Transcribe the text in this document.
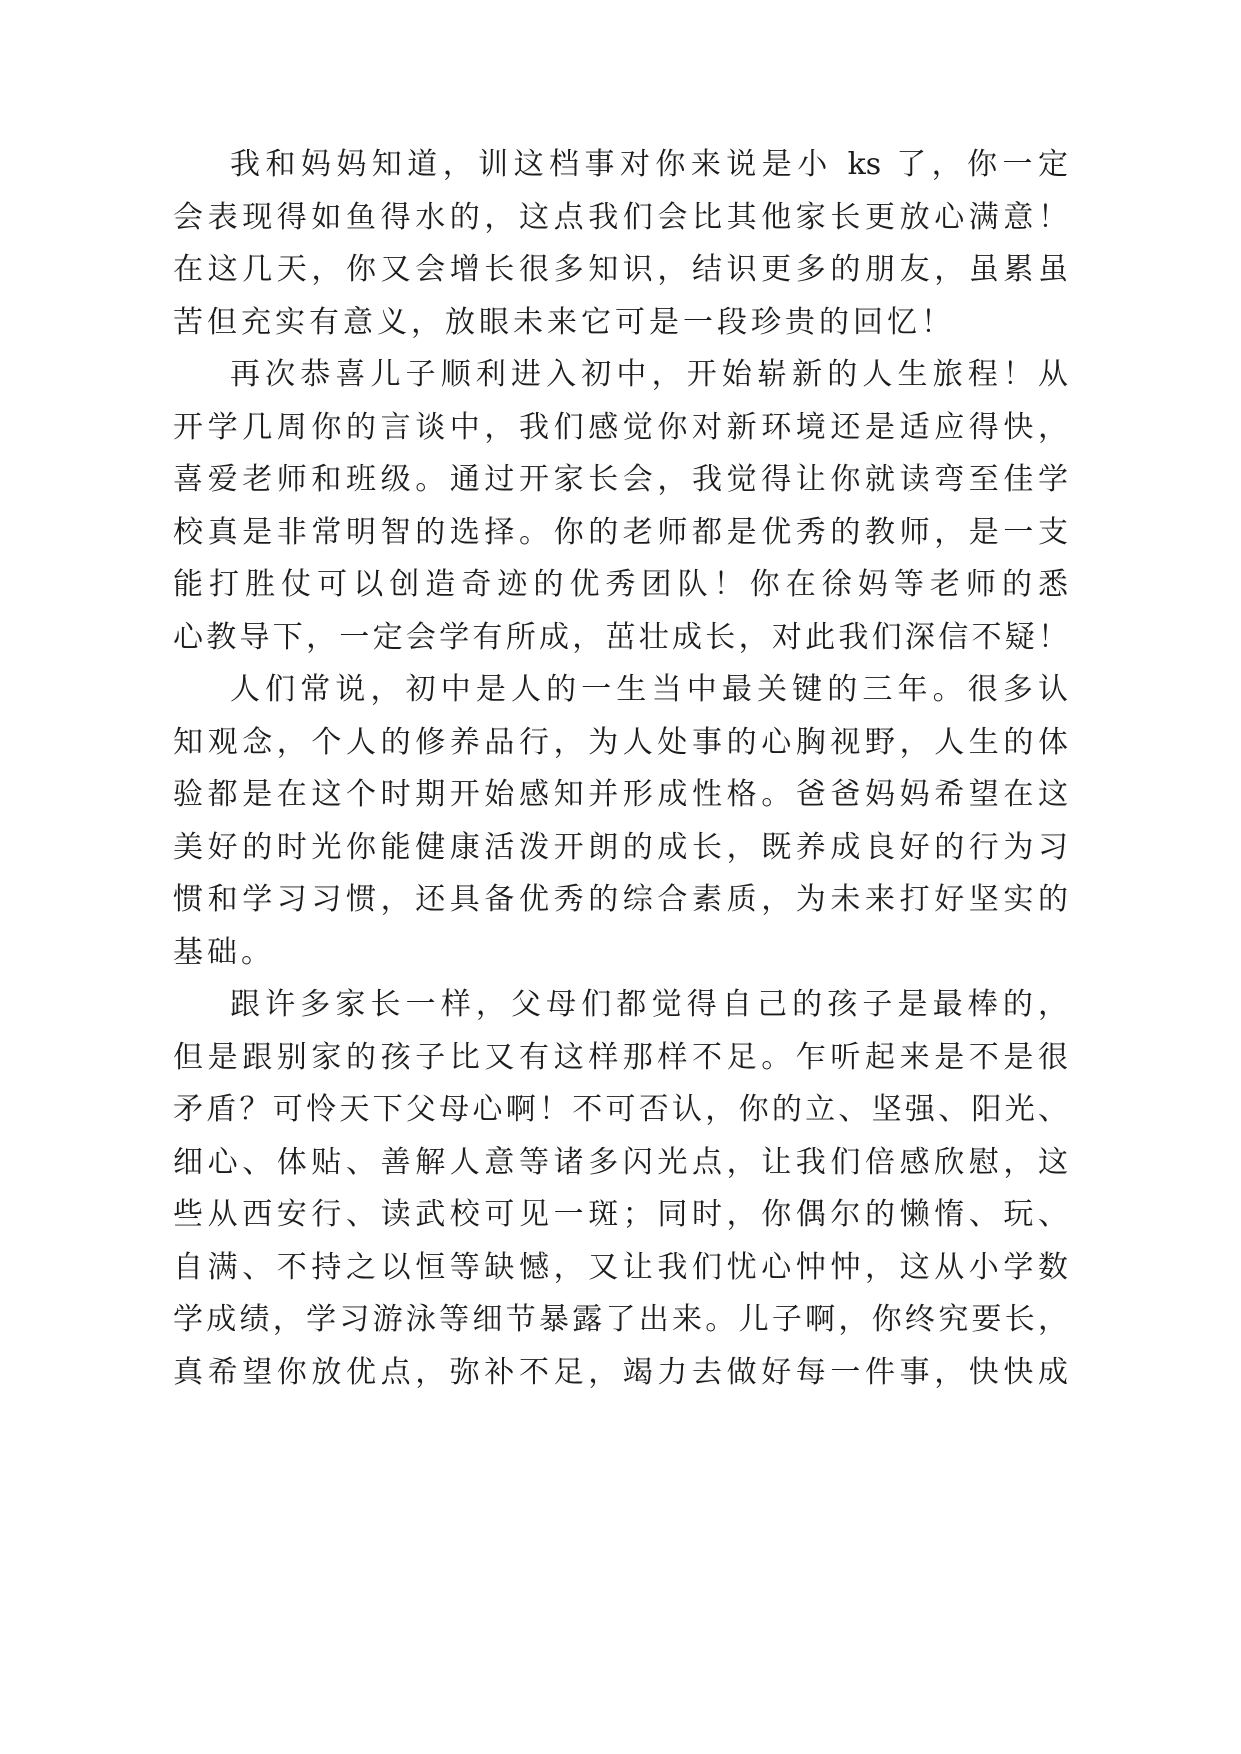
我和妈妈知道，训这档事对你来说是小 ks 了，你一定
会表现得如鱼得水的，这点我们会比其他家长更放心满意！
在这几天，你又会增长很多知识，结识更多的朋友，虽累虽
苦但充实有意义，放眼未来它可是一段珍贵的回忆！
再次恭喜儿子顺利进入初中，开始崭新的人生旅程！从
开学几周你的言谈中，我们感觉你对新环境还是适应得快，
喜爱老师和班级。通过开家长会，我觉得让你就读弯至佳学
校真是非常明智的选择。你的老师都是优秀的教师，是一支
能打胜仗可以创造奇迹的优秀团队！你在徐妈等老师的悉
心教导下，一定会学有所成，茁壮成长，对此我们深信不疑！
人们常说，初中是人的一生当中最关键的三年。很多认
知观念，个人的修养品行，为人处事的心胸视野，人生的体
验都是在这个时期开始感知并形成性格。爸爸妈妈希望在这
美好的时光你能健康活泼开朗的成长，既养成良好的行为习
惯和学习习惯，还具备优秀的综合素质，为未来打好坚实的
基础。
跟许多家长一样，父母们都觉得自己的孩子是最棒的，
但是跟别家的孩子比又有这样那样不足。乍听起来是不是很
矛盾？可怜天下父母心啊！不可否认，你的立、坚强、阳光、
细心、体贴、善解人意等诸多闪光点，让我们倍感欣慰，这
些从西安行、读武校可见一斑；同时，你偶尔的懒惰、玩、
自满、不持之以恒等缺憾，又让我们忧心忡忡，这从小学数
学成绩，学习游泳等细节暴露了出来。儿子啊，你终究要长，
真希望你放优点，弥补不足，竭力去做好每一件事，快快成
